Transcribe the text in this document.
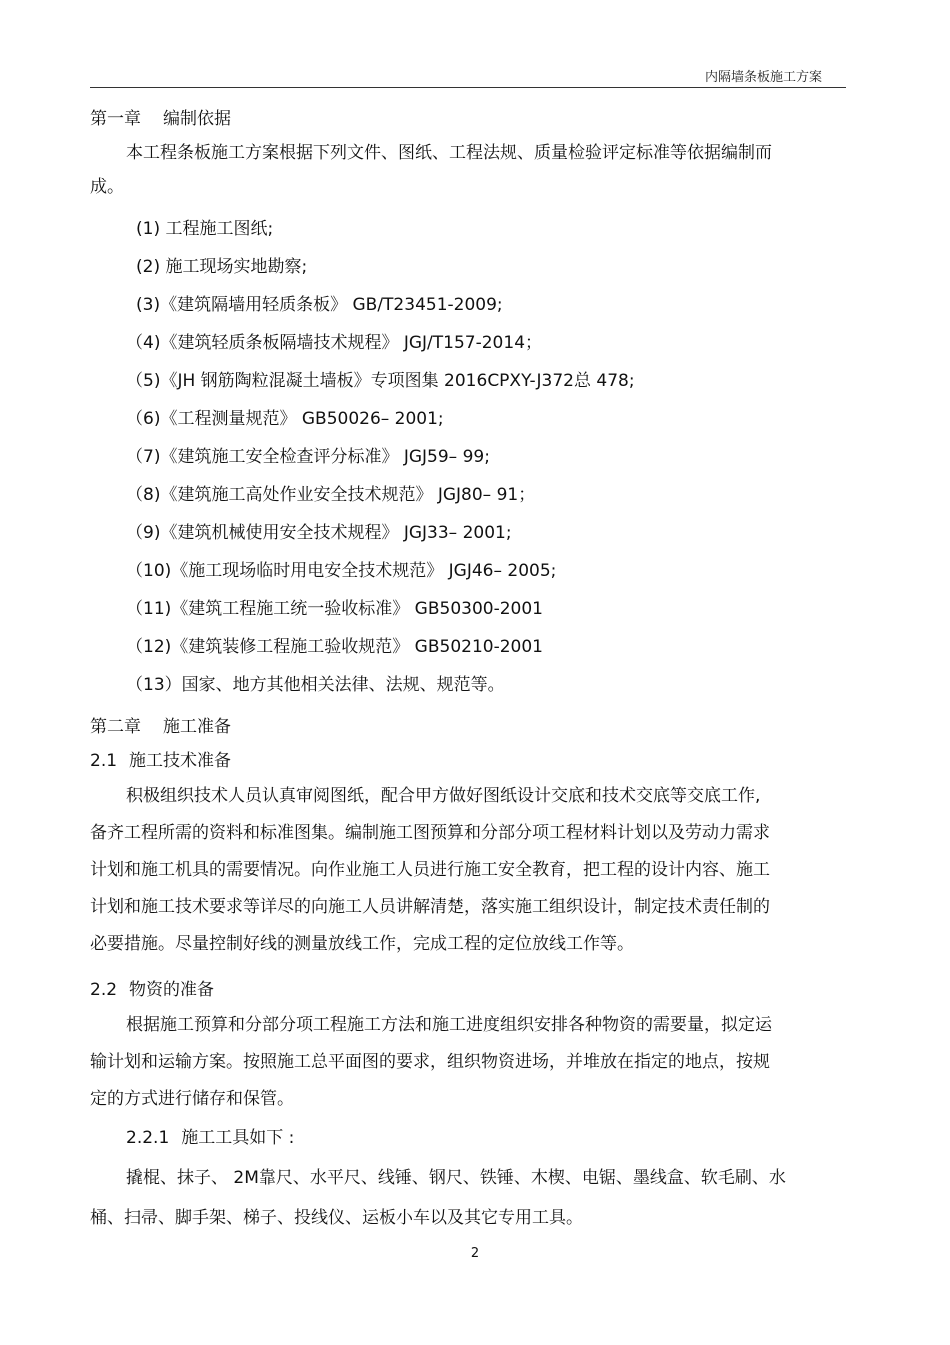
内隔墙条板施工方案
第一章 编制依据
本工程条板施工方案根据下列文件、图纸、工程法规、质量检验评定标准等依据编制而
成。
(1) 工程施工图纸;
(2) 施工现场实地勘察;
(3)《建筑隔墙用轻质条板》 GB/T23451-2009;
（4)《建筑轻质条板隔墙技术规程》 JGJ/T157-2014；
（5)《JH 钢筋陶粒混凝土墙板》专项图集 2016CPXY-J372总 478;
（6)《工程测量规范》 GB50026– 2001;
（7)《建筑施工安全检查评分标准》 JGJ59– 99;
（8)《建筑施工高处作业安全技术规范》 JGJ80– 91；
（9)《建筑机械使用安全技术规程》 JGJ33– 2001;
（10)《施工现场临时用电安全技术规范》 JGJ46– 2005;
（11)《建筑工程施工统一验收标准》 GB50300-2001
（12)《建筑装修工程施工验收规范》 GB50210-2001
（13）国家、地方其他相关法律、法规、规范等。
第二章 施工准备
2.1 施工技术准备
积极组织技术人员认真审阅图纸，配合甲方做好图纸设计交底和技术交底等交底工作,
备齐工程所需的资料和标准图集。编制施工图预算和分部分项工程材料计划以及劳动力需求
计划和施工机具的需要情况。向作业施工人员进行施工安全教育，把工程的设计内容、施工
计划和施工技术要求等详尽的向施工人员讲解清楚，落实施工组织设计，制定技术责任制的
必要措施。尽量控制好线的测量放线工作，完成工程的定位放线工作等。
2.2 物资的准备
根据施工预算和分部分项工程施工方法和施工进度组织安排各种物资的需要量，拟定运
输计划和运输方案。按照施工总平面图的要求，组织物资进场，并堆放在指定的地点，按规
定的方式进行储存和保管。
2.2.1 施工工具如下 :
撬棍、抹子、 2M靠尺、水平尺、线锤、钢尺、铁锤、木楔、电锯、墨线盒、软毛刷、水
桶、扫帚、脚手架、梯子、投线仪、运板小车以及其它专用工具。
2
